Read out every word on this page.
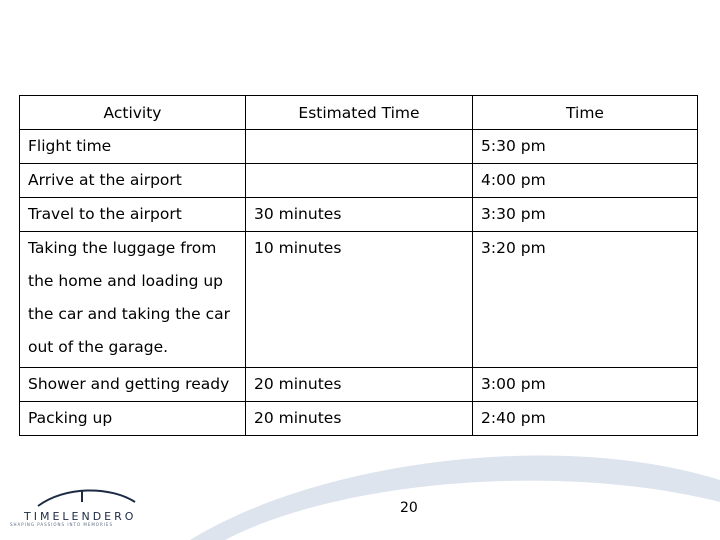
Activity	Estimated Time	Time
Flight time		5:30 pm
Arrive at the airport		4:00 pm
Travel to the airport	30 minutes	3:30 pm
Taking the luggage from the home and loading up the car and taking the car out of the garage.	10 minutes	3:20 pm
Shower and getting ready	20 minutes	3:00 pm
Packing up	20 minutes	2:40 pm
TIMELENDERO
SHAPING PASSIONS INTO MEMORIES
20
